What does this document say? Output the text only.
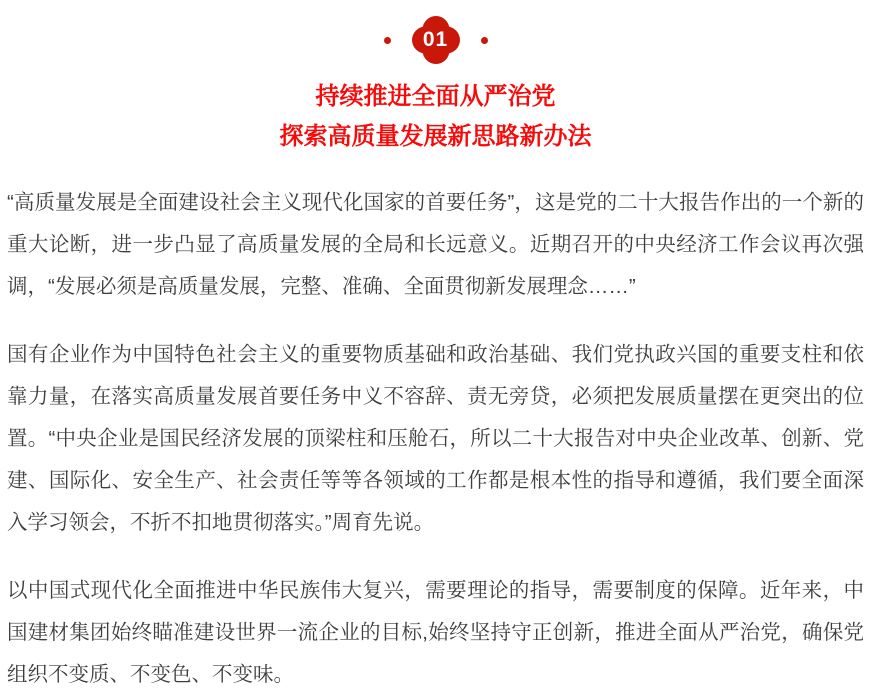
01
持续推进全面从严治党
探索高质量发展新思路新办法

“高质量发展是全面建设社会主义现代化国家的首要任务”，这是党的二十大报告作出的一个新的重大论断，进一步凸显了高质量发展的全局和长远意义。近期召开的中央经济工作会议再次强调，“发展必须是高质量发展，完整、准确、全面贯彻新发展理念……”

国有企业作为中国特色社会主义的重要物质基础和政治基础、我们党执政兴国的重要支柱和依靠力量，在落实高质量发展首要任务中义不容辞、责无旁贷，必须把发展质量摆在更突出的位置。“中央企业是国民经济发展的顶梁柱和压舱石，所以二十大报告对中央企业改革、创新、党建、国际化、安全生产、社会责任等等各领域的工作都是根本性的指导和遵循，我们要全面深入学习领会，不折不扣地贯彻落实。”周育先说。

以中国式现代化全面推进中华民族伟大复兴，需要理论的指导，需要制度的保障。近年来，中国建材集团始终瞄准建设世界一流企业的目标,始终坚持守正创新，推进全面从严治党，确保党组织不变质、不变色、不变味。
